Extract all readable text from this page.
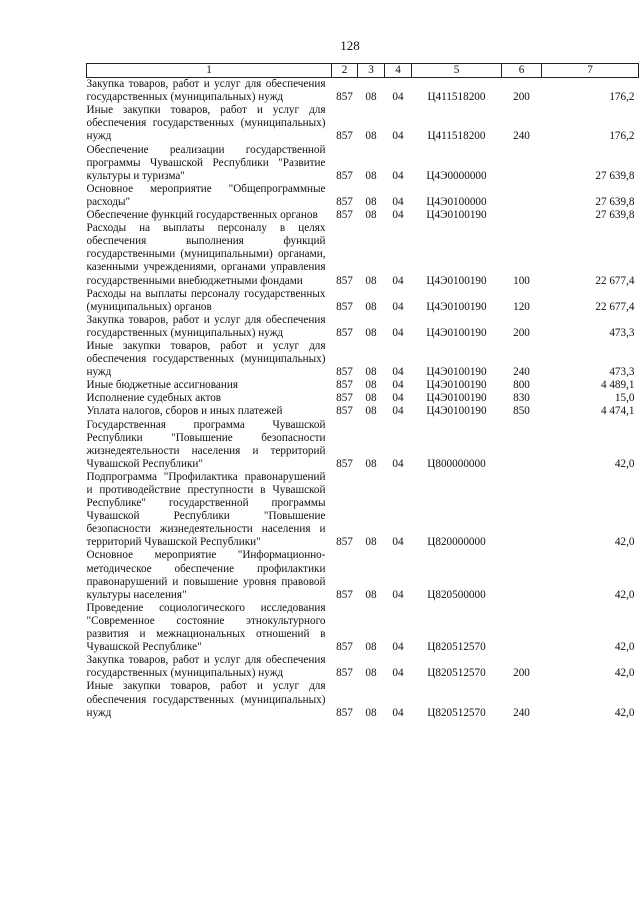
128
1	2	3	4	5	6	7
Закупка товаров, работ и услуг для обеспечения государственных (муниципальных) нужд	857	08	04	Ц411518200	200	176,2
Иные закупки товаров, работ и услуг для обеспечения государственных (муниципальных) нужд	857	08	04	Ц411518200	240	176,2
Обеспечение реализации государственной программы Чувашской Республики "Развитие культуры и туризма"	857	08	04	Ц4Э0000000		27 639,8
Основное мероприятие "Общепрограммные расходы"	857	08	04	Ц4Э0100000		27 639,8
Обеспечение функций государственных органов	857	08	04	Ц4Э0100190		27 639,8
Расходы на выплаты персоналу в целях обеспечения выполнения функций государственными (муниципальными) органами, казенными учреждениями, органами управления государственными внебюджетными фондами	857	08	04	Ц4Э0100190	100	22 677,4
Расходы на выплаты персоналу государственных (муниципальных) органов	857	08	04	Ц4Э0100190	120	22 677,4
Закупка товаров, работ и услуг для обеспечения государственных (муниципальных) нужд	857	08	04	Ц4Э0100190	200	473,3
Иные закупки товаров, работ и услуг для обеспечения государственных (муниципальных) нужд	857	08	04	Ц4Э0100190	240	473,3
Иные бюджетные ассигнования	857	08	04	Ц4Э0100190	800	4 489,1
Исполнение судебных актов	857	08	04	Ц4Э0100190	830	15,0
Уплата налогов, сборов и иных платежей	857	08	04	Ц4Э0100190	850	4 474,1
Государственная программа Чувашской Республики "Повышение безопасности жизнедеятельности населения и территорий Чувашской Республики"	857	08	04	Ц800000000		42,0
Подпрограмма "Профилактика правонарушений и противодействие преступности в Чувашской Республике" государственной программы Чувашской Республики "Повышение безопасности жизнедеятельности населения и территорий Чувашской Республики"	857	08	04	Ц820000000		42,0
Основное мероприятие "Информационно-методическое обеспечение профилактики правонарушений и повышение уровня правовой культуры населения"	857	08	04	Ц820500000		42,0
Проведение социологического исследования "Современное состояние этнокультурного развития и межнациональных отношений в Чувашской Республике"	857	08	04	Ц820512570		42,0
Закупка товаров, работ и услуг для обеспечения государственных (муниципальных) нужд	857	08	04	Ц820512570	200	42,0
Иные закупки товаров, работ и услуг для обеспечения государственных (муниципальных) нужд	857	08	04	Ц820512570	240	42,0
